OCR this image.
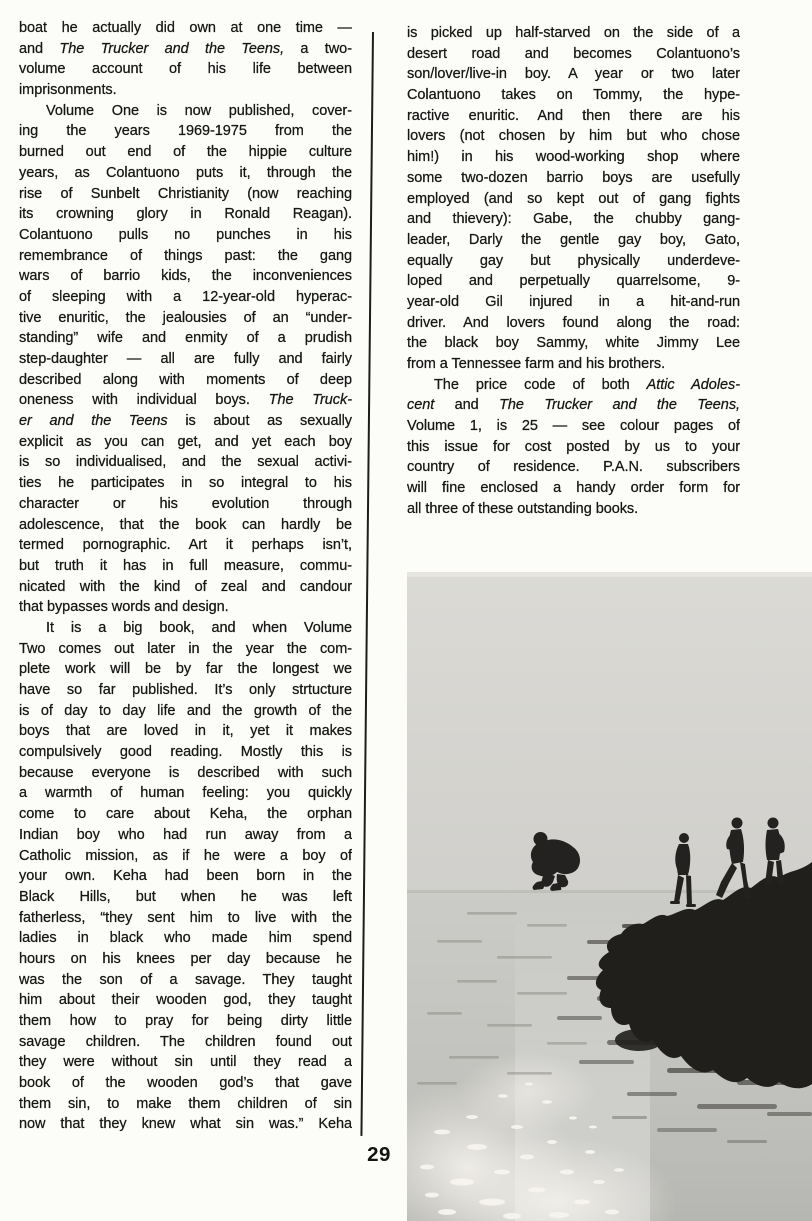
boat he actually did own at one time —
and The Trucker and the Teens, a two-
volume account of his life between
imprisonments.
Volume One is now published, cover-
ing the years 1969-1975 from the
burned out end of the hippie culture
years, as Colantuono puts it, through the
rise of Sunbelt Christianity (now reaching
its crowning glory in Ronald Reagan).
Colantuono pulls no punches in his
remembrance of things past: the gang
wars of barrio kids, the inconveniences
of sleeping with a 12-year-old hyperac-
tive enuritic, the jealousies of an “under-
standing” wife and enmity of a prudish
step-daughter — all are fully and fairly
described along with moments of deep
oneness with individual boys. The Truck-
er and the Teens is about as sexually
explicit as you can get, and yet each boy
is so individualised, and the sexual activi-
ties he participates in so integral to his
character or his evolution through
adolescence, that the book can hardly be
termed pornographic. Art it perhaps isn’t,
but truth it has in full measure, commu-
nicated with the kind of zeal and candour
that bypasses words and design.
It is a big book, and when Volume
Two comes out later in the year the com-
plete work will be by far the longest we
have so far published. It’s only strtucture
is of day to day life and the growth of the
boys that are loved in it, yet it makes
compulsively good reading. Mostly this is
because everyone is described with such
a warmth of human feeling: you quickly
come to care about Keha, the orphan
Indian boy who had run away from a
Catholic mission, as if he were a boy of
your own. Keha had been born in the
Black Hills, but when he was left
fatherless, “they sent him to live with the
ladies in black who made him spend
hours on his knees per day because he
was the son of a savage. They taught
him about their wooden god, they taught
them how to pray for being dirty little
savage children. The children found out
they were without sin until they read a
book of the wooden god’s that gave
them sin, to make them children of sin
now that they knew what sin was.” Keha
is picked up half-starved on the side of a
desert road and becomes Colantuono’s
son/lover/live-in boy. A year or two later
Colantuono takes on Tommy, the hype-
ractive enuritic. And then there are his
lovers (not chosen by him but who chose
him!) in his wood-working shop where
some two-dozen barrio boys are usefully
employed (and so kept out of gang fights
and thievery): Gabe, the chubby gang-
leader, Darly the gentle gay boy, Gato,
equally gay but physically underdeve-
loped and perpetually quarrelsome, 9-
year-old Gil injured in a hit-and-run
driver. And lovers found along the road:
the black boy Sammy, white Jimmy Lee
from a Tennessee farm and his brothers.
The price code of both Attic Adoles-
cent and The Trucker and the Teens,
Volume 1, is 25 — see colour pages of
this issue for cost posted by us to your
country of residence. P.A.N. subscribers
will fine enclosed a handy order form for
all three of these outstanding books.
29
